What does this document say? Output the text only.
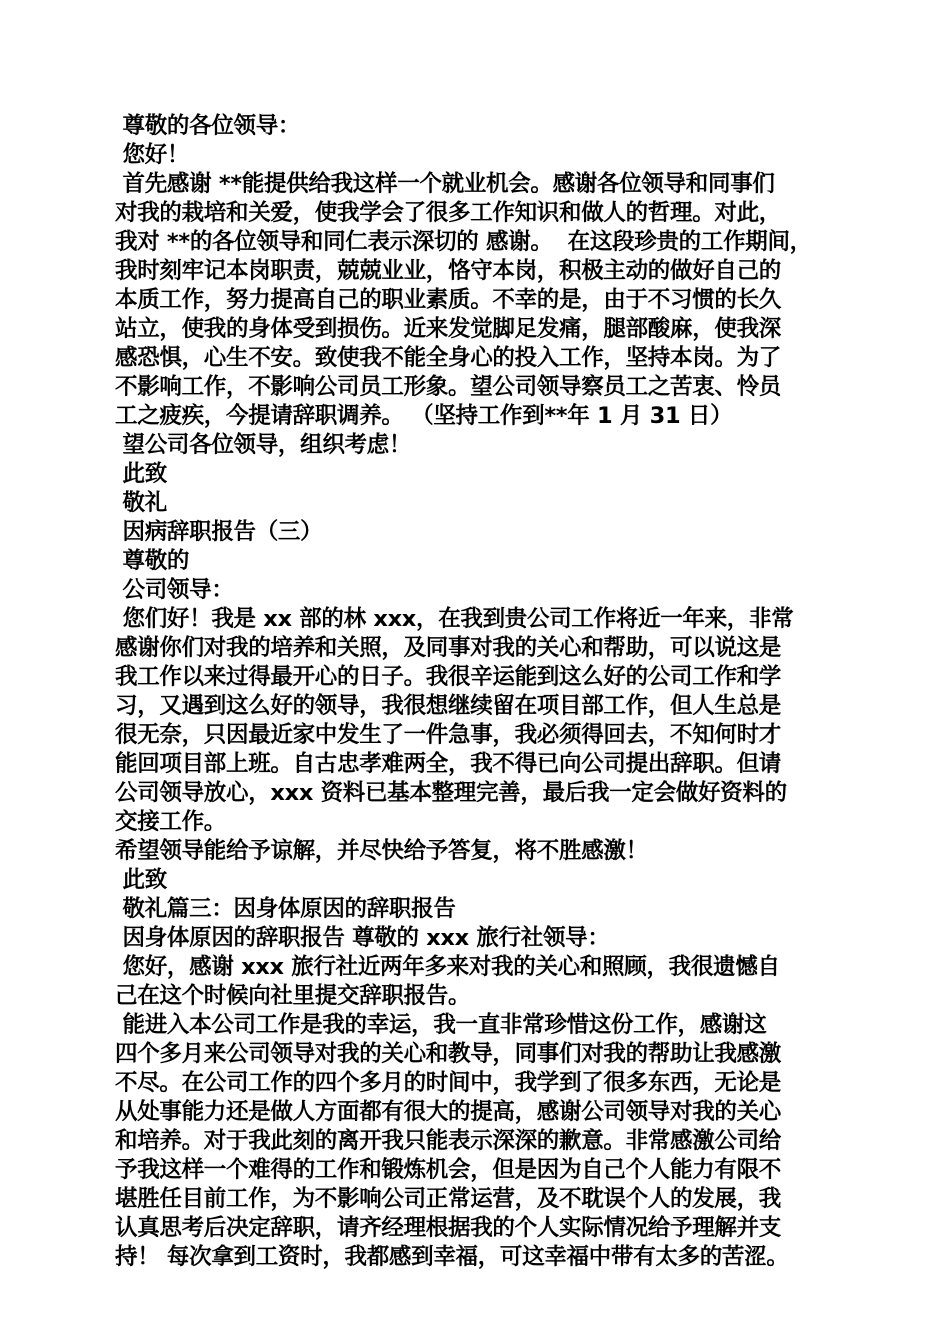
尊敬的各位领导：
您好！
首先感谢 **能提供给我这样一个就业机会。感谢各位领导和同事们
对我的栽培和关爱，使我学会了很多工作知识和做人的哲理。对此，
我对 **的各位领导和同仁表示深切的 感谢。  在这段珍贵的工作期间，
我时刻牢记本岗职责，兢兢业业，恪守本岗，积极主动的做好自己的
本质工作，努力提高自己的职业素质。不幸的是，由于不习惯的长久
站立，使我的身体受到损伤。近来发觉脚足发痛，腿部酸麻，使我深
感恐惧，心生不安。致使我不能全身心的投入工作，坚持本岗。为了
不影响工作，不影响公司员工形象。望公司领导察员工之苦衷、怜员
工之疲疾，今提请辞职调养。 （坚持工作到**年 1 月 31 日）
望公司各位领导，组织考虑！
此致
敬礼
因病辞职报告（三）
尊敬的
公司领导：
您们好！我是 xx 部的林 xxx，在我到贵公司工作将近一年来，非常
感谢你们对我的培养和关照，及同事对我的关心和帮助，可以说这是
我工作以来过得最开心的日子。我很辛运能到这么好的公司工作和学
习，又遇到这么好的领导，我很想继续留在项目部工作，但人生总是
很无奈，只因最近家中发生了一件急事，我必须得回去，不知何时才
能回项目部上班。自古忠孝难两全，我不得已向公司提出辞职。但请
公司领导放心，xxx 资料已基本整理完善，最后我一定会做好资料的
交接工作。
希望领导能给予谅解，并尽快给予答复，将不胜感激！
此致
敬礼篇三：因身体原因的辞职报告
因身体原因的辞职报告 尊敬的 xxx 旅行社领导：
您好，感谢 xxx 旅行社近两年多来对我的关心和照顾，我很遗憾自
己在这个时候向社里提交辞职报告。
能进入本公司工作是我的幸运，我一直非常珍惜这份工作，感谢这
四个多月来公司领导对我的关心和教导，同事们对我的帮助让我感激
不尽。在公司工作的四个多月的时间中，我学到了很多东西，无论是
从处事能力还是做人方面都有很大的提高，感谢公司领导对我的关心
和培养。对于我此刻的离开我只能表示深深的歉意。非常感激公司给
予我这样一个难得的工作和锻炼机会，但是因为自己个人能力有限不
堪胜任目前工作，为不影响公司正常运营，及不耽误个人的发展，我
认真思考后决定辞职，请齐经理根据我的个人实际情况给予理解并支
持！ 每次拿到工资时，我都感到幸福，可这幸福中带有太多的苦涩。
